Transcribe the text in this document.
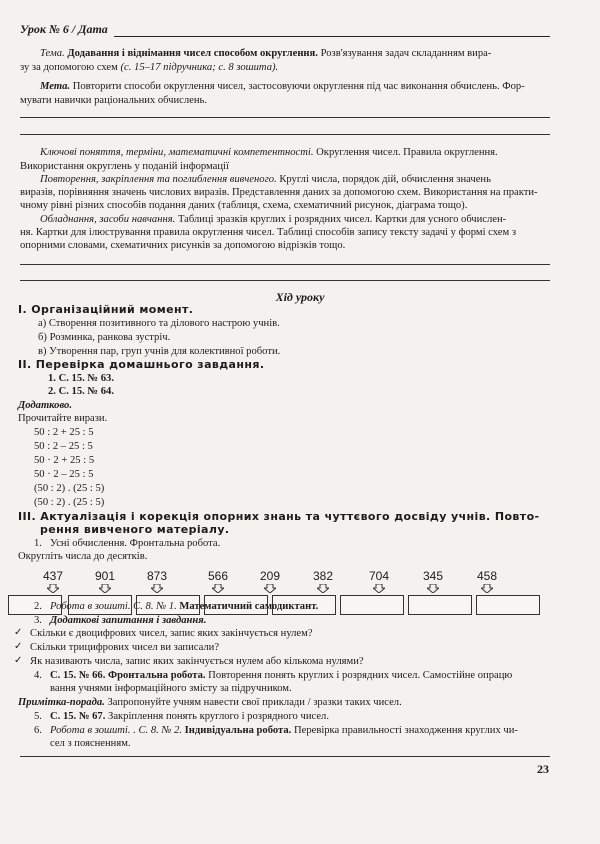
Урок № 6 / Дата
Тема. Додавання і віднімання чисел способом округлення. Розв'язування задач складанням вира-
зу за допомогою схем (с. 15–17 підручника; с. 8 зошита).
Мета. Повторити способи округлення чисел, застосовуючи округлення під час виконання обчислень. Фор-
мувати навички раціональних обчислень.
Ключові поняття, терміни, математичні компетентності. Округлення чисел. Правила округлення.
Використання округлень у поданій інформації
Повторення, закріплення та поглиблення вивченого. Круглі числа, порядок дій, обчислення значень
виразів, порівняння значень числових виразів. Представлення даних за допомогою схем. Використання на практи-
чному рівні різних способів подання даних (таблиця, схема, схематичний рисунок, діаграма тощо).
Обладнання, засоби навчання. Таблиці зразків круглих і розрядних чисел. Картки для усного обчислен-
ня. Картки для ілюстрування правила округлення чисел. Таблиці способів запису тексту задачі у формі схем з
опорними словами, схематичних рисунків за допомогою відрізків тощо.
Хід уроку
І. Організаційний момент.
а) Створення позитивного та ділового настрою учнів.
б) Розминка, ранкова зустріч.
в) Утворення пар, груп учнів для колективної роботи.
ІІ. Перевірка домашнього завдання.
1. С. 15. № 63.
2. С. 15. № 64.
Додатково.
Прочитайте вирази.
50 : 2 + 25 : 5
50 : 2 – 25 : 5
50 · 2 + 25 : 5
50 · 2 – 25 : 5
(50 : 2) . (25 : 5)
(50 : 2) . (25 : 5)
ІІІ. Актуалізація і корекція опорних знань та чуттєвого досвіду учнів. Повто-
рення вивченого матеріалу.
1. Усні обчислення. Фронтальна робота.
Округліть числа до десятків.
437	901	873	566	209	382	704	345	458
2. Робота в зошиті. С. 8. № 1. Математичний самодиктант.
3. Додаткові запитання і завдання.
✓ Скільки є двоцифрових чисел, запис яких закінчується нулем?
✓ Скільки трицифрових чисел ви записали?
✓ Як називають числа, запис яких закінчується нулем або кількома нулями?
4. С. 15. № 66. Фронтальна робота. Повторення понять круглих і розрядних чисел. Самостійне опрацю
вання учнями інформаційного змісту за підручником.
Примітка-порада. Запропонуйте учням навести свої приклади / зразки таких чисел.
5. С. 15. № 67. Закріплення понять круглого і розрядного чисел.
6. Робота в зошиті. . С. 8. № 2. Індивідуальна робота. Перевірка правильності знаходження круглих чи-
сел з поясненням.
23
